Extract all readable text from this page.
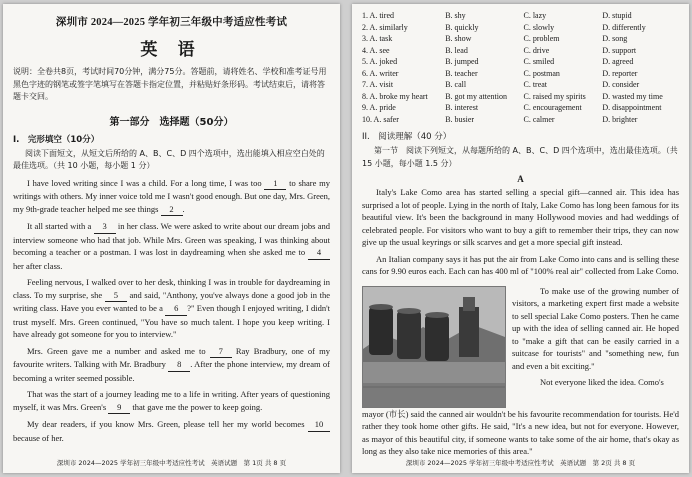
深圳市 2024—2025 学年初三年级中考适应性考试
英 语
说明：全卷共8页，考试时间70分钟，满分75分。答题前，请将姓名、学校和准考证号用黑色字迹的钢笔或签字笔填写在答题卡指定位置，并粘贴好条形码。考试结束后，请将答题卡交回。
第一部分　选择题（50分）
I.　完形填空（10分）
阅读下面短文，从短文后所给的 A、B、C、D 四个选项中，选出能填入相应空白处的最佳选项。（共 10 小题，每小题 1 分）

I have loved writing since I was a child. For a long time, I was too 1 to share my writings with others. My inner voice told me I wasn't good enough. But one day, Mrs. Green, my 9th-grade teacher helped me see things 2 .

It all started with a 3 in her class. We were asked to write about our dream jobs and interview someone who had that job. While Mrs. Green was speaking, I was thinking about becoming a teacher or a postman. I was lost in daydreaming when she asked me to 4 her after class.

Feeling nervous, I walked over to her desk, thinking I was in trouble for daydreaming in class. To my surprise, she 5 and said, "Anthony, you've always done a good job in the writing class. Have you ever wanted to be a 6 ?" Even though I enjoyed writing, I didn't trust myself. Mrs. Green continued, "You have so much talent. I hope you keep writing. I have already got someone for you to interview."

Mrs. Green gave me a number and asked me to 7 Ray Bradbury, one of my favourite writers. Talking with Mr. Bradbury 8 . After the phone interview, my dream of becoming a writer seemed possible.

That was the start of a journey leading me to a life in writing. After years of questioning myself, it was Mrs. Green's 9 that gave me the power to keep going.

My dear readers, if you know Mrs. Green, please tell her my world becomes 10 because of her.

深圳市 2024—2025 学年初三年级中考适应性考试　英语试题　第 1页 共 8 页
1. A. tired	B. shy	C. lazy	D. stupid
2. A. similarly	B. quickly	C. slowly	D. differently
3. A. task	B. show	C. problem	D. song
4. A. see	B. lead	C. drive	D. support
5. A. joked	B. jumped	C. smiled	D. agreed
6. A. writer	B. teacher	C. postman	D. reporter
7. A. visit	B. call	C. treat	D. consider
8. A. broke my heart	B. got my attention	C. raised my spirits	D. wasted my time
9. A. pride	B. interest	C. encouragement	D. disappointment
10. A. safer	B. busier	C. calmer	D. brighter
II.　阅读理解（40 分）
第一节　阅读下列短文，从每题所给的 A、B、C、D 四个选项中，选出最佳选项。（共 15 小题，每小题 1.5 分）
A

Italy's Lake Como area has started selling a special gift—canned air. This idea has surprised a lot of people. Lying in the north of Italy, Lake Como has long been famous for its beautiful view. It's been the background in many Hollywood movies and had weddings of celebrated people. For visitors who want to buy a gift to remember their trips, they can now give up the usual keyrings or silk scarves and get a more special gift instead.

An Italian company says it has put the air from Lake Como into cans and is selling these cans for 9.90 euros each. Each can has 400 ml of "100% real air" collected from Lake Como.

To make use of the growing number of visitors, a marketing expert first made a website to sell special Lake Como posters. Then he came up with the idea of selling canned air. He hoped to "make a gift that can be easily carried in a suitcase for tourists" and "something new, fun and even a bit exciting."

Not everyone liked the idea. Como's

mayor (市长) said the canned air wouldn't be his favourite recommendation for tourists. He'd rather they took home other gifts. He said, "It's a new idea, but not for everyone. However, as mayor of this beautiful city, if someone wants to take some of the air home, that's okay as long as they also take nice memories of this area."

深圳市 2024—2025 学年初三年级中考适应性考试　英语试题　第 2页 共 8 页
